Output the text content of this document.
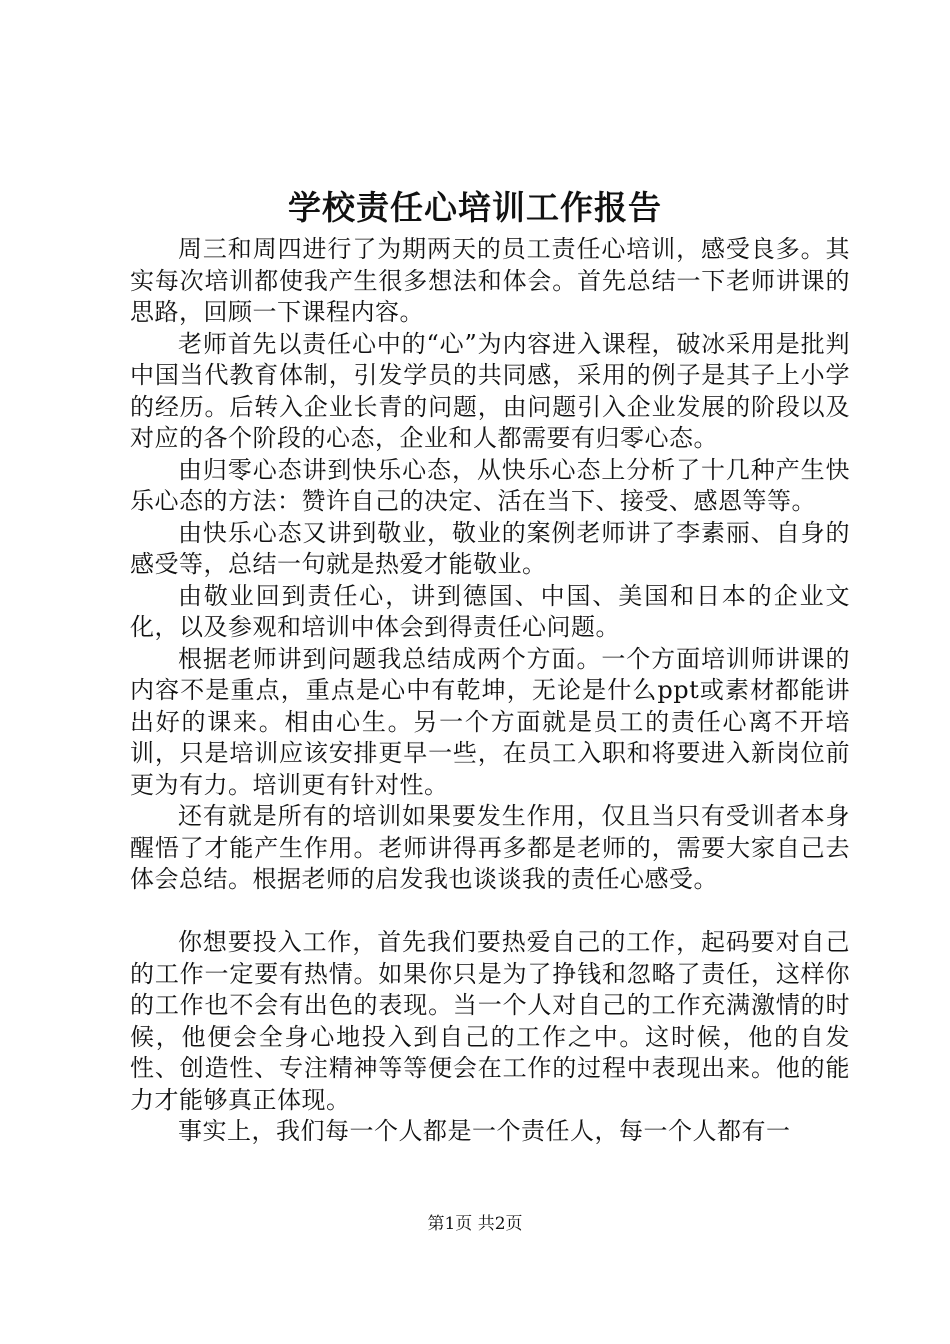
学校责任心培训工作报告

周三和周四进行了为期两天的员工责任心培训，感受良多。其实每次培训都使我产生很多想法和体会。首先总结一下老师讲课的思路，回顾一下课程内容。

老师首先以责任心中的“心”为内容进入课程，破冰采用是批判中国当代教育体制，引发学员的共同感，采用的例子是其子上小学的经历。后转入企业长青的问题，由问题引入企业发展的阶段以及对应的各个阶段的心态，企业和人都需要有归零心态。

由归零心态讲到快乐心态，从快乐心态上分析了十几种产生快乐心态的方法：赞许自己的决定、活在当下、接受、感恩等等。

由快乐心态又讲到敬业，敬业的案例老师讲了李素丽、自身的感受等，总结一句就是热爱才能敬业。

由敬业回到责任心，讲到德国、中国、美国和日本的企业文化，以及参观和培训中体会到得责任心问题。

根据老师讲到问题我总结成两个方面。一个方面培训师讲课的内容不是重点，重点是心中有乾坤，无论是什么ppt或素材都能讲出好的课来。相由心生。另一个方面就是员工的责任心离不开培训，只是培训应该安排更早一些，在员工入职和将要进入新岗位前更为有力。培训更有针对性。

还有就是所有的培训如果要发生作用，仅且当只有受训者本身醒悟了才能产生作用。老师讲得再多都是老师的，需要大家自己去体会总结。根据老师的启发我也谈谈我的责任心感受。

你想要投入工作，首先我们要热爱自己的工作，起码要对自己的工作一定要有热情。如果你只是为了挣钱和忽略了责任，这样你的工作也不会有出色的表现。当一个人对自己的工作充满激情的时候，他便会全身心地投入到自己的工作之中。这时候，他的自发性、创造性、专注精神等等便会在工作的过程中表现出来。他的能力才能够真正体现。

事实上，我们每一个人都是一个责任人，每一个人都有一

第1页 共2页
